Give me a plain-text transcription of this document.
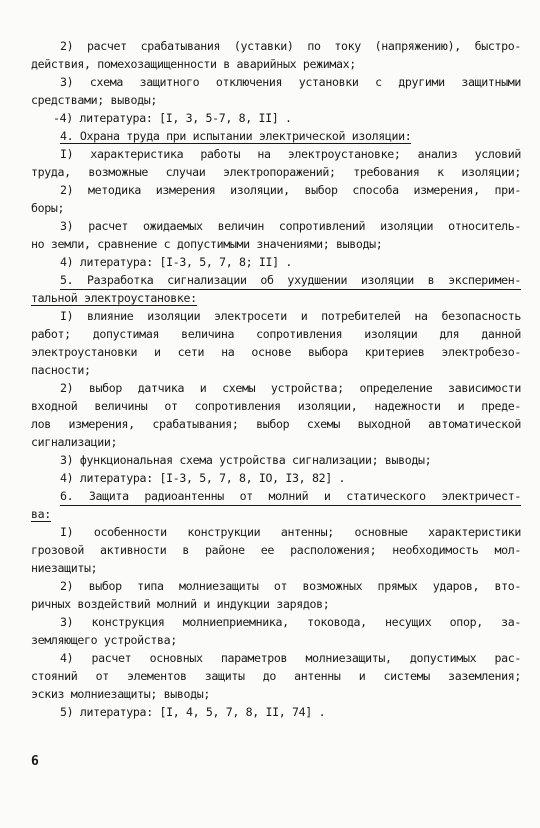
2) расчет срабатывания (уставки) по току (напряжению), быстро-
действия, помехозащищенности в аварийных режимах;
3) схема защитного отключения установки с другими защитными
средствами; выводы;
-4) литература: [I, 3, 5-7, 8, II] .
4. Охрана труда при испытании электрической изоляции:
I) характеристика работы на электроустановке; анализ условий
труда, возможные случаи электропоражений; требования к изоляции;
2) методика измерения изоляции, выбор способа измерения, при-
боры;
3) расчет ожидаемых величин сопротивлений изоляции относитель-
но земли, сравнение с допустимыми значениями; выводы;
4) литература: [I-3, 5, 7, 8; II] .
5. Разработка сигнализации об ухудшении изоляции в эксперимен-
тальной электроустановке:
I) влияние изоляции электросети и потребителей на безопасность
работ; допустимая величина сопротивления изоляции для данной
электроустановки и сети на основе выбора критериев электробезо-
пасности;
2) выбор датчика и схемы устройства; определение зависимости
входной величины от сопротивления изоляции, надежности и преде-
лов измерения, срабатывания; выбор схемы выходной автоматической
сигнализации;
3) функциональная схема устройства сигнализации; выводы;
4) литература: [I-3, 5, 7, 8, IO, I3, 82] .
6. Защита радиоантенны от молний и статического электричест-
ва:
I) особенности конструкции антенны; основные характеристики
грозовой активности в районе ее расположения; необходимость мол-
ниезащиты;
2) выбор типа молниезащиты от возможных прямых ударов, вто-
ричных воздействий молний и индукции зарядов;
3) конструкция молниеприемника, токовода, несущих опор, за-
земляющего устройства;
4) расчет основных параметров молниезащиты, допустимых рас-
стояний от элементов защиты до антенны и системы заземления;
эскиз молниезащиты; выводы;
5) литература: [I, 4, 5, 7, 8, II, 74] .
6
